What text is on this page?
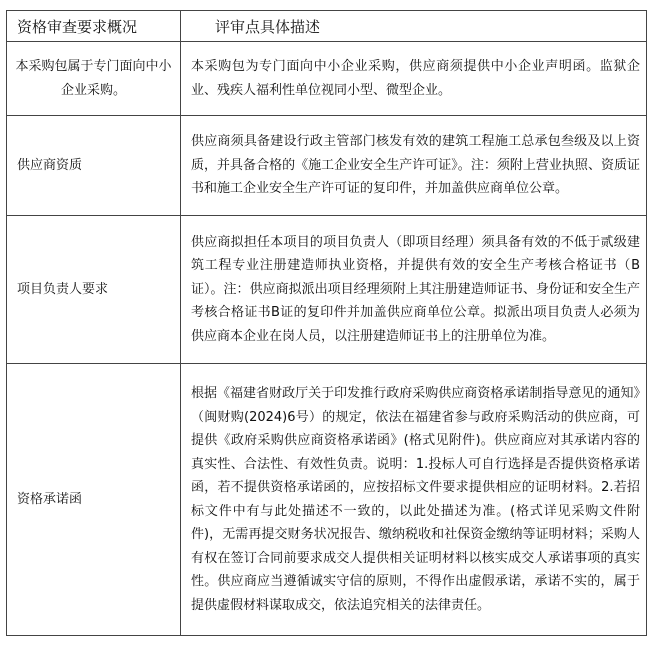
资格审查要求概况	评审点具体描述
本采购包属于专门面向中小企业采购。	本采购包为专门面向中小企业采购，供应商须提供中小企业声明函。监狱企业、残疾人福利性单位视同小型、微型企业。
供应商资质	供应商须具备建设行政主管部门核发有效的建筑工程施工总承包叁级及以上资质，并具备合格的《施工企业安全生产许可证》。注：须附上营业执照、资质证书和施工企业安全生产许可证的复印件，并加盖供应商单位公章。
项目负责人要求	供应商拟担任本项目的项目负责人（即项目经理）须具备有效的不低于贰级建筑工程专业注册建造师执业资格，并提供有效的安全生产考核合格证书（B证）。注：供应商拟派出项目经理须附上其注册建造师证书、身份证和安全生产考核合格证书B证的复印件并加盖供应商单位公章。拟派出项目负责人必须为供应商本企业在岗人员，以注册建造师证书上的注册单位为准。
资格承诺函	根据《福建省财政厅关于印发推行政府采购供应商资格承诺制指导意见的通知》（闽财购(2024)6号）的规定，依法在福建省参与政府采购活动的供应商，可提供《政府采购供应商资格承诺函》(格式见附件)。供应商应对其承诺内容的真实性、合法性、有效性负责。说明：1.投标人可自行选择是否提供资格承诺函，若不提供资格承诺函的，应按招标文件要求提供相应的证明材料。2.若招标文件中有与此处描述不一致的，以此处描述为准。(格式详见采购文件附件)，无需再提交财务状况报告、缴纳税收和社保资金缴纳等证明材料；采购人有权在签订合同前要求成交人提供相关证明材料以核实成交人承诺事项的真实性。供应商应当遵循诚实守信的原则，不得作出虚假承诺，承诺不实的，属于提供虚假材料谋取成交，依法追究相关的法律责任。
